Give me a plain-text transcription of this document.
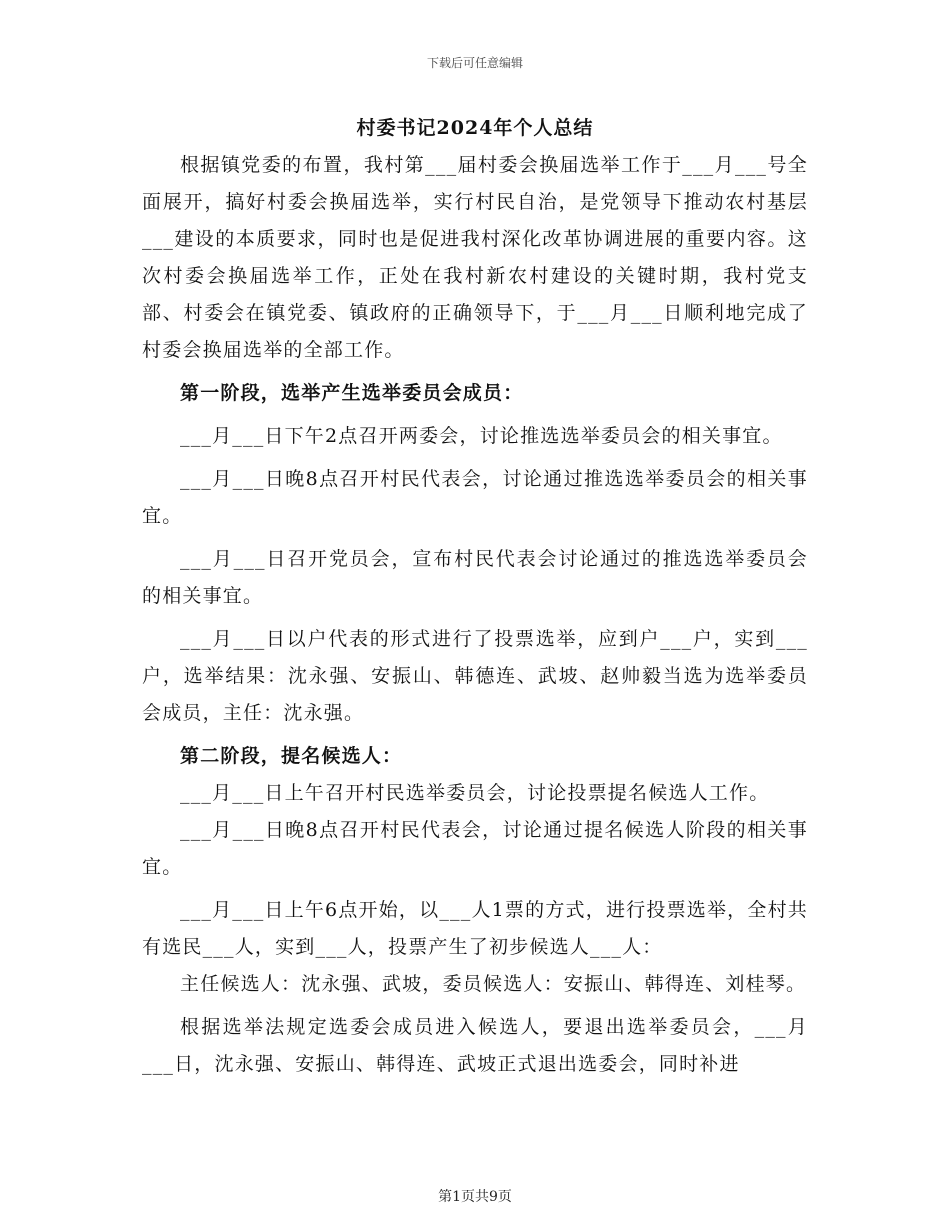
下载后可任意编辑
村委书记2024年个人总结

根据镇党委的布置，我村第___届村委会换届选举工作于___月___号全面展开，搞好村委会换届选举，实行村民自治，是党领导下推动农村基层___建设的本质要求，同时也是促进我村深化改革协调进展的重要内容。这次村委会换届选举工作，正处在我村新农村建设的关键时期，我村党支部、村委会在镇党委、镇政府的正确领导下，于___月___日顺利地完成了村委会换届选举的全部工作。

第一阶段，选举产生选举委员会成员：

___月___日下午2点召开两委会，讨论推选选举委员会的相关事宜。

___月___日晚8点召开村民代表会，讨论通过推选选举委员会的相关事宜。

___月___日召开党员会，宣布村民代表会讨论通过的推选选举委员会的相关事宜。

___月___日以户代表的形式进行了投票选举，应到户___户，实到___户，选举结果：沈永强、安振山、韩德连、武坡、赵帅毅当选为选举委员会成员，主任：沈永强。

第二阶段，提名候选人：

___月___日上午召开村民选举委员会，讨论投票提名候选人工作。

___月___日晚8点召开村民代表会，讨论通过提名候选人阶段的相关事宜。

___月___日上午6点开始，以___人1票的方式，进行投票选举，全村共有选民___人，实到___人，投票产生了初步候选人___人：

主任候选人：沈永强、武坡，委员候选人：安振山、韩得连、刘桂琴。

根据选举法规定选委会成员进入候选人，要退出选举委员会，___月___日，沈永强、安振山、韩得连、武坡正式退出选委会，同时补进

第1页共9页
